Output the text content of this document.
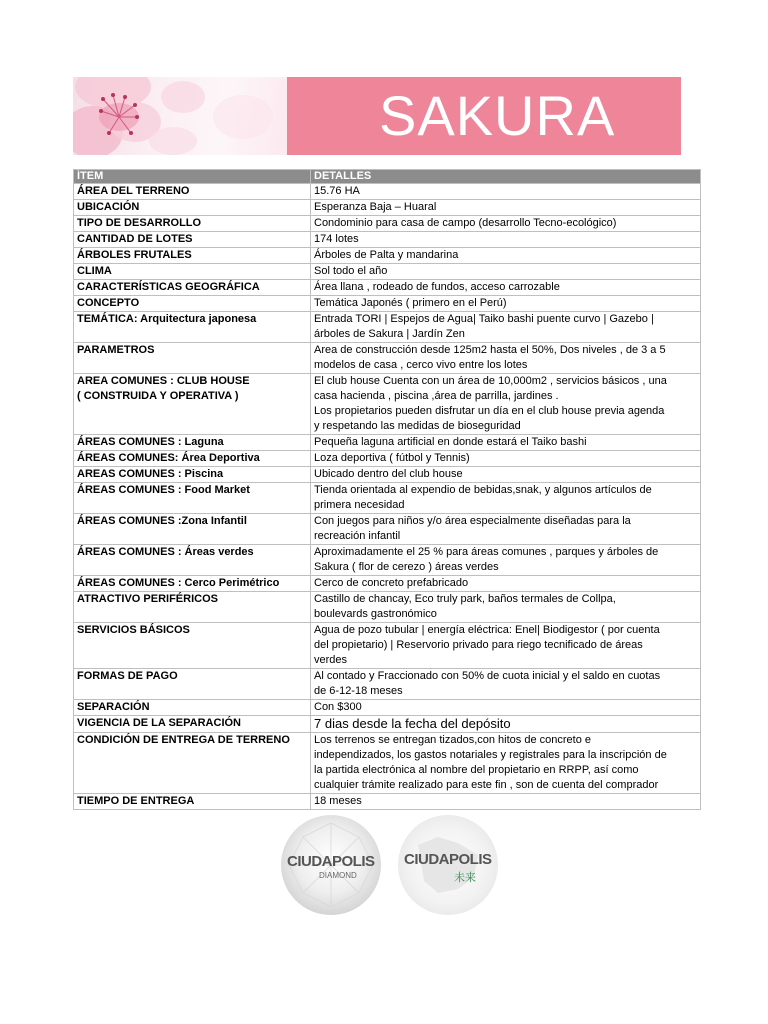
SAKURA
ÍTEM	DETALLES

ÁREA DEL TERRENO	15.76 HA

UBICACIÓN	Esperanza Baja – Huaral

TIPO DE DESARROLLO	Condominio para casa de campo (desarrollo Tecno-ecológico)

CANTIDAD DE LOTES	174 lotes

ÁRBOLES FRUTALES	Árboles de Palta y mandarina

CLIMA	Sol todo el año

CARACTERÍSTICAS GEOGRÁFICA	Área llana , rodeado de fundos, acceso carrozable

CONCEPTO	Temática Japonés ( primero en el Perú)

TEMÁTICA: Arquitectura japonesa	Entrada TORI | Espejos de Agua| Taiko bashi puente curvo | Gazebo |
árboles de Sakura | Jardín Zen

PARAMETROS	Area de construcción desde 125m2 hasta el 50%, Dos niveles , de 3 a 5
modelos de casa , cerco vivo entre los lotes

AREA COMUNES : CLUB HOUSE
( CONSTRUIDA Y OPERATIVA )	El club house Cuenta con un área de 10,000m2 , servicios básicos , una
casa hacienda , piscina ,área de parrilla, jardines .
Los propietarios pueden disfrutar un día en el club house previa agenda
y respetando las medidas de bioseguridad

ÁREAS COMUNES : Laguna	Pequeña laguna artificial en donde estará el Taiko bashi

ÁREAS COMUNES: Área Deportiva	Loza deportiva ( fútbol y Tennis)

AREAS COMUNES : Piscina	Ubicado dentro del club house

ÁREAS COMUNES : Food Market	Tienda orientada al expendio de bebidas,snak, y algunos artículos de
primera necesidad

ÁREAS COMUNES :Zona Infantil	Con juegos para niños y/o área especialmente diseñadas para la
recreación infantil

ÁREAS COMUNES : Áreas verdes	Aproximadamente el 25 % para áreas comunes , parques y árboles de
Sakura ( flor de cerezo ) áreas verdes

ÁREAS COMUNES : Cerco Perimétrico	Cerco de concreto prefabricado

ATRACTIVO PERIFÉRICOS	Castillo de chancay, Eco truly park, baños termales de Collpa,
boulevards gastronómico

SERVICIOS BÁSICOS	Agua de pozo tubular | energía eléctrica: Enel| Biodigestor ( por cuenta
del propietario) | Reservorio privado para riego tecnificado de áreas
verdes

FORMAS DE PAGO	Al contado y Fraccionado con 50% de cuota inicial y el saldo en cuotas
de 6-12-18 meses

SEPARACIÓN	Con $300

VIGENCIA DE LA SEPARACIÓN	7 dias desde la fecha del depósito

CONDICIÓN DE ENTREGA DE TERRENO	Los terrenos se entregan tizados,con hitos de concreto e
independizados, los gastos notariales y registrales para la inscripción de
la partida electrónica al nombre del propietario en RRPP, así como
cualquier trámite realizado para este fin , son de cuenta del comprador

TIEMPO DE ENTREGA	18 meses
CIUDAPOLIS
DIAMOND
CIUDAPOLIS
未来
